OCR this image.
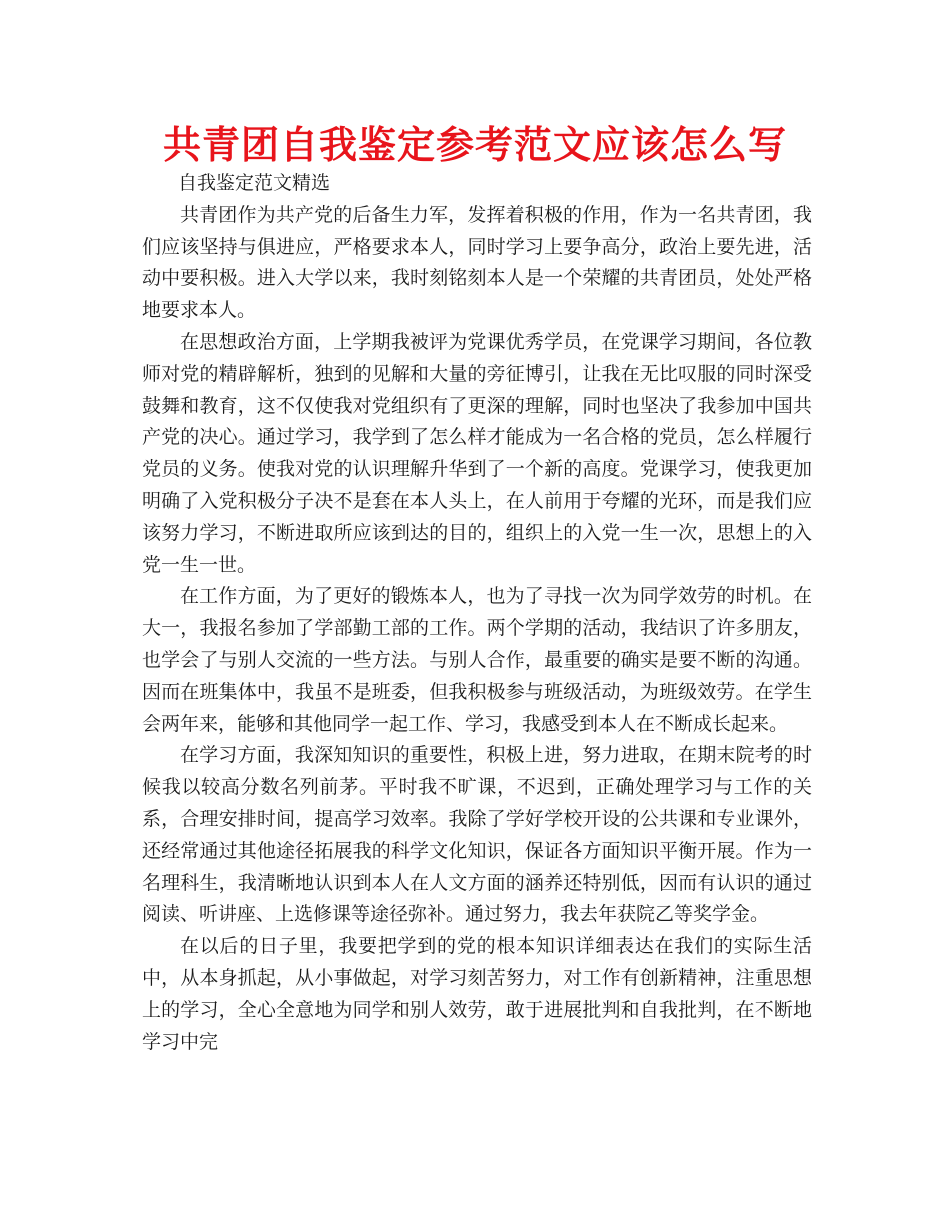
共青团自我鉴定参考范文应该怎么写

自我鉴定范文精选

共青团作为共产党的后备生力军，发挥着积极的作用，作为一名共青团，我们应该坚持与俱进应，严格要求本人，同时学习上要争高分，政治上要先进，活动中要积极。进入大学以来，我时刻铭刻本人是一个荣耀的共青团员，处处严格地要求本人。

在思想政治方面，上学期我被评为党课优秀学员，在党课学习期间，各位教师对党的精辟解析，独到的见解和大量的旁征博引，让我在无比叹服的同时深受鼓舞和教育，这不仅使我对党组织有了更深的理解，同时也坚决了我参加中国共产党的决心。通过学习，我学到了怎么样才能成为一名合格的党员，怎么样履行党员的义务。使我对党的认识理解升华到了一个新的高度。党课学习，使我更加明确了入党积极分子决不是套在本人头上，在人前用于夸耀的光环，而是我们应该努力学习，不断进取所应该到达的目的，组织上的入党一生一次，思想上的入党一生一世。

在工作方面，为了更好的锻炼本人，也为了寻找一次为同学效劳的时机。在大一，我报名参加了学部勤工部的工作。两个学期的活动，我结识了许多朋友，也学会了与别人交流的一些方法。与别人合作，最重要的确实是要不断的沟通。因而在班集体中，我虽不是班委，但我积极参与班级活动，为班级效劳。在学生会两年来，能够和其他同学一起工作、学习，我感受到本人在不断成长起来。

在学习方面，我深知知识的重要性，积极上进，努力进取，在期末院考的时候我以较高分数名列前茅。平时我不旷课，不迟到，正确处理学习与工作的关系，合理安排时间，提高学习效率。我除了学好学校开设的公共课和专业课外，还经常通过其他途径拓展我的科学文化知识，保证各方面知识平衡开展。作为一名理科生，我清晰地认识到本人在人文方面的涵养还特别低，因而有认识的通过阅读、听讲座、上选修课等途径弥补。通过努力，我去年获院乙等奖学金。

在以后的日子里，我要把学到的党的根本知识详细表达在我们的实际生活中，从本身抓起，从小事做起，对学习刻苦努力，对工作有创新精神，注重思想上的学习，全心全意地为同学和别人效劳，敢于进展批判和自我批判，在不断地学习中完
